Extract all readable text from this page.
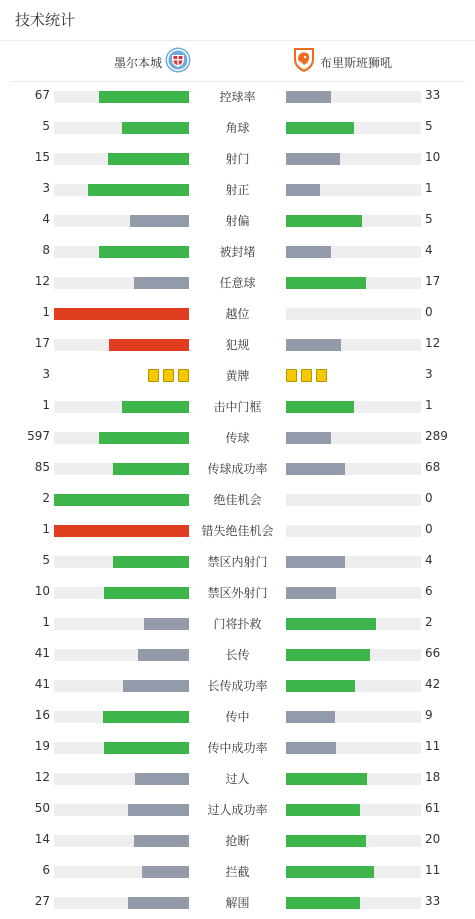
技术统计
墨尔本城	布里斯班狮吼
67	控球率	33
5	角球	5
15	射门	10
3	射正	1
4	射偏	5
8	被封堵	4
12	任意球	17
1	越位	0
17	犯规	12
3	黄牌	3
1	击中门框	1
597	传球	289
85	传球成功率	68
2	绝佳机会	0
1	错失绝佳机会	0
5	禁区内射门	4
10	禁区外射门	6
1	门将扑救	2
41	长传	66
41	长传成功率	42
16	传中	9
19	传中成功率	11
12	过人	18
50	过人成功率	61
14	抢断	20
6	拦截	11
27	解围	33
